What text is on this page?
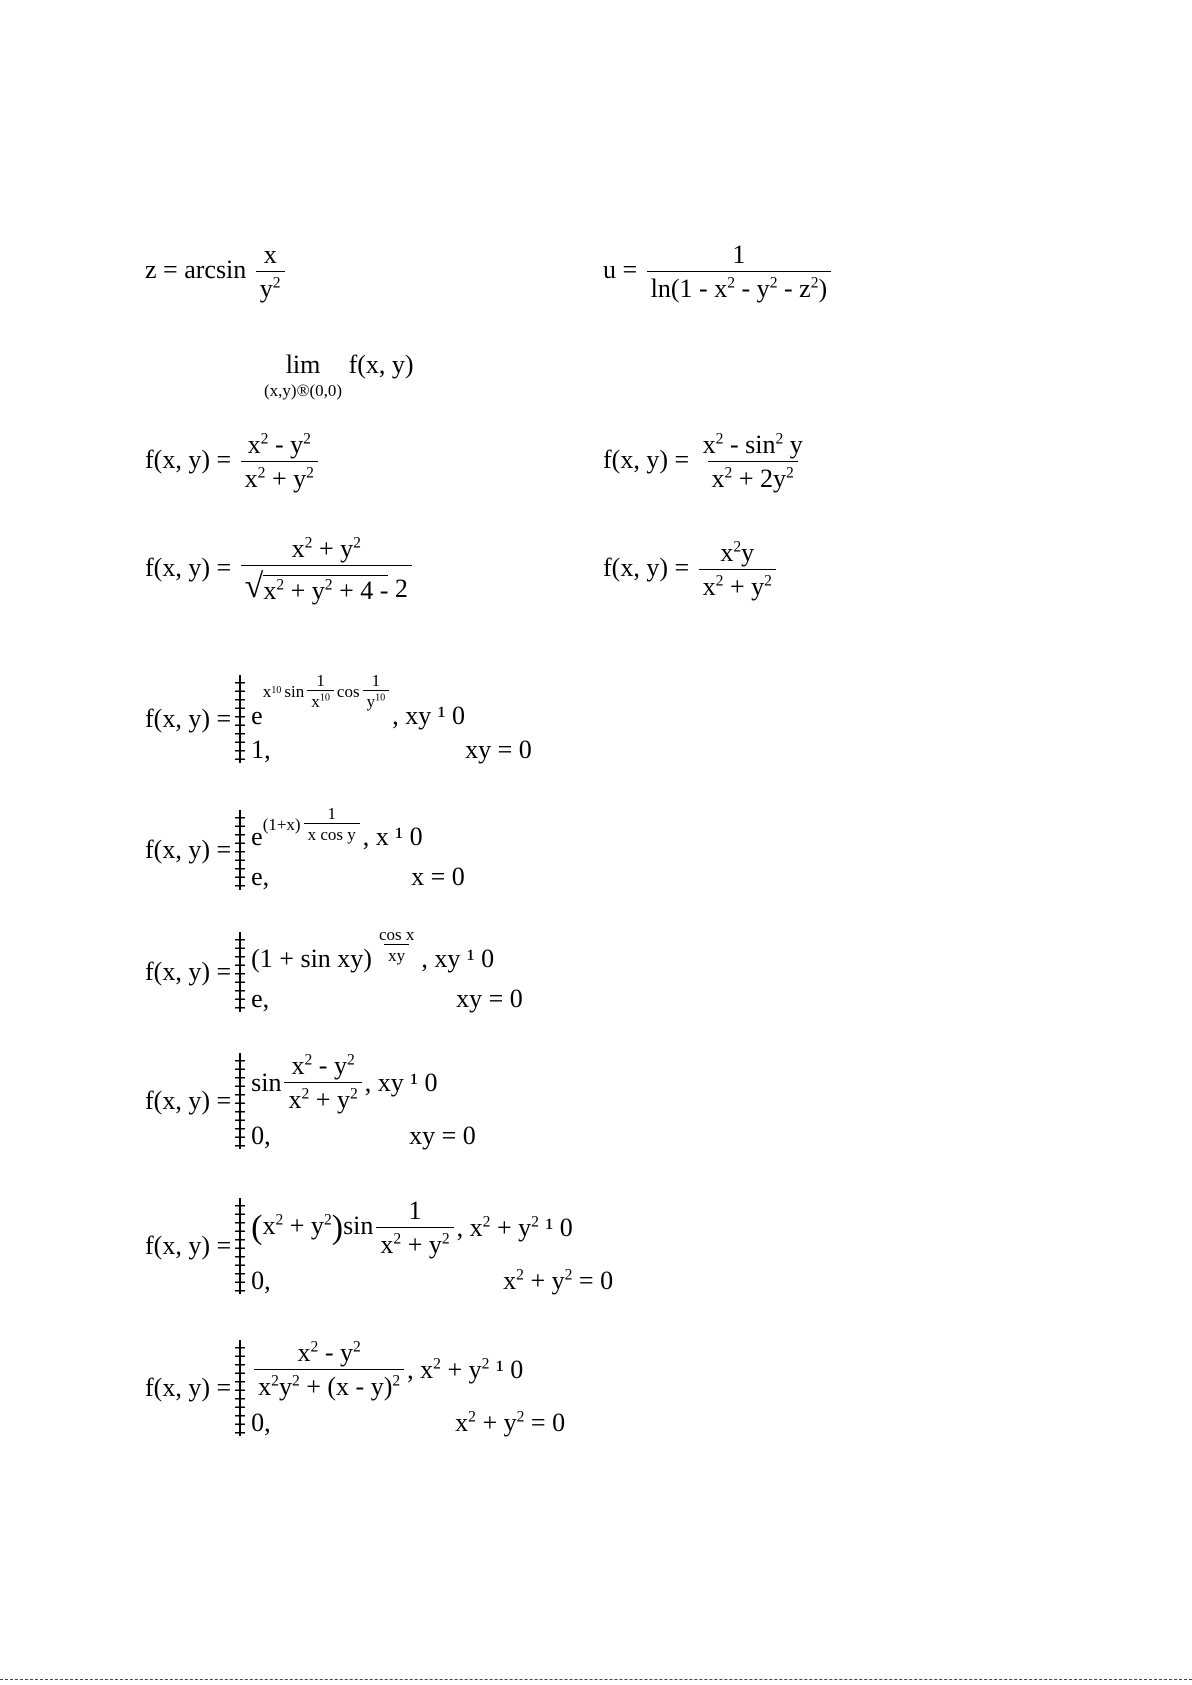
$z = \arcsin \frac{x}{y^2}$	$u = \frac{1}{\ln(1 - x^2 - y^2 - z^2)}$
lim
(x,y)®(0,0)
f(x, y)
f(x, $y) = \frac{x^2 - y^2}{x^2 + y^2}$	f(x, $y) = \frac{x^2 - \sin^2 y}{x^2 + 2y^2}$
f(x, $y) = \frac{x^2 + y^2}{√ x^2 + y^2 + 4 - 2}$	f(x, $y) = \frac{x^2y}{x^2 + y^2}$
f(x, y) = e
x 10 $\sin \frac{1}{x^{10}}$ $\cos \frac{1}{y^{10}}$
, xy ¹ 0
1,	xy = 0
f(x, y) = e $(1+x) \frac{1}{\text{x cos y}}$ , x ¹ 0
e,	x = 0
f(x, $y) = (1 + \sin xy) \frac{\text{cos x}}{xy}$ , xy ¹ 0
e,	xy = 0
f(x, y) =
$\sin \frac{x^2 - y^2}{x^2 + y^2}$ , xy ¹ 0
0,	xy = 0
f(x, $y) = (x^2 + y^2)\sin \frac{1}{x^2 + y^2}$ , $x^2 + y^2$ ¹ 0
0,	$x^2 + y^2 = 0$
f(x, $y) = \frac{x^2 - y^2}{x^2y^2 + (x - y)^2}$ , $x^2 + y^2$ ¹ 0
0,	$x^2 + y^2 = 0$
